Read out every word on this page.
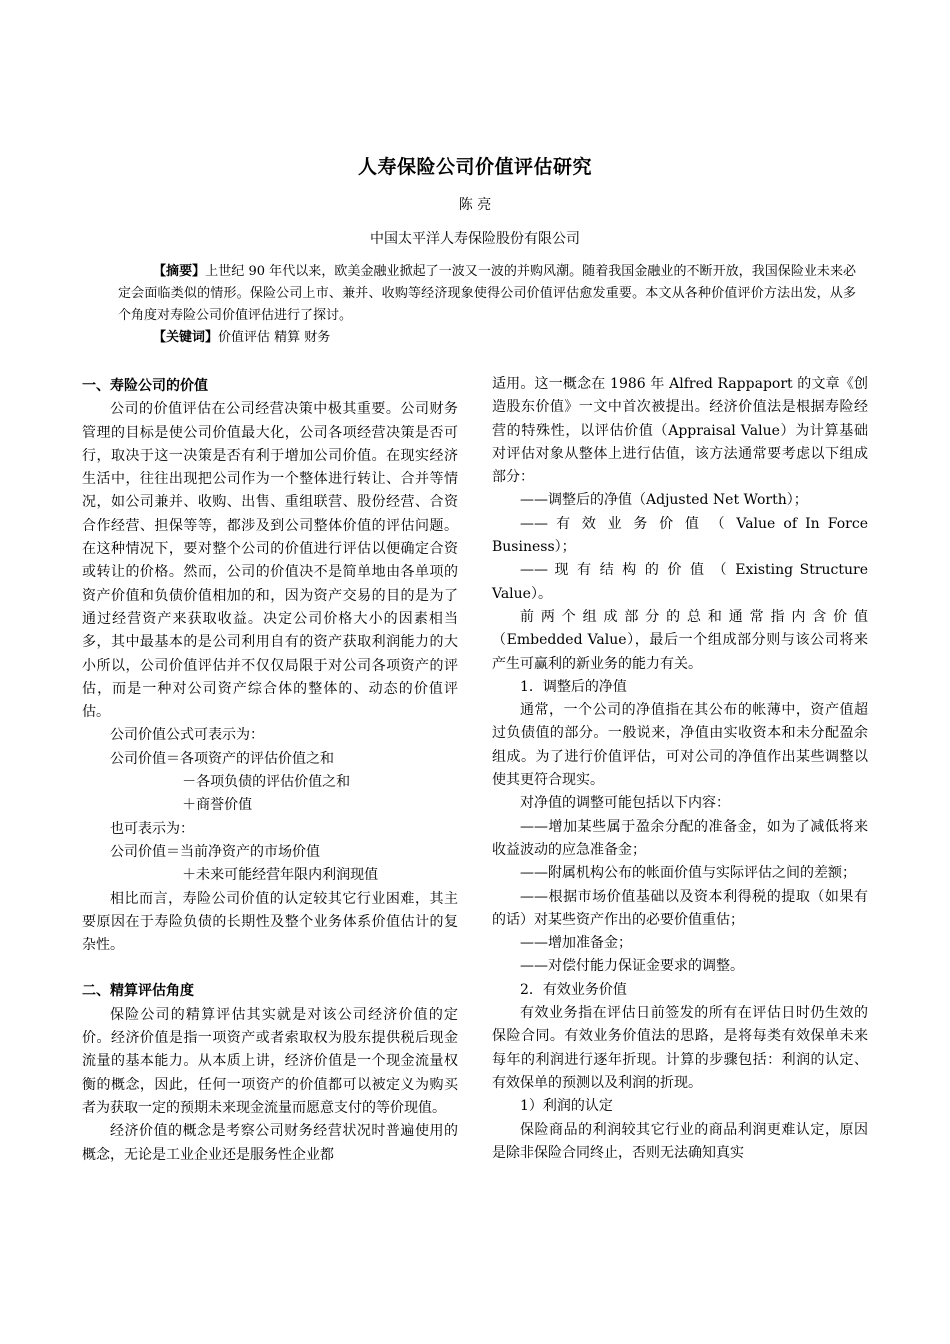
人寿保险公司价值评估研究
陈 亮
中国太平洋人寿保险股份有限公司

【摘要】上世纪 90 年代以来，欧美金融业掀起了一波又一波的并购风潮。随着我国金融业的不断开放，我国保险业未来必定会面临类似的情形。保险公司上市、兼并、收购等经济现象使得公司价值评估愈发重要。本文从各种价值评价方法出发，从多个角度对寿险公司价值评估进行了探讨。

【关键词】价值评估 精算 财务

一、寿险公司的价值

公司的价值评估在公司经营决策中极其重要。公司财务管理的目标是使公司价值最大化，公司各项经营决策是否可行，取决于这一决策是否有利于增加公司价值。在现实经济生活中，往往出现把公司作为一个整体进行转让、合并等情况，如公司兼并、收购、出售、重组联营、股份经营、合资合作经营、担保等等，都涉及到公司整体价值的评估问题。在这种情况下，要对整个公司的价值进行评估以便确定合资或转让的价格。然而，公司的价值决不是简单地由各单项的资产价值和负债价值相加的和，因为资产交易的目的是为了通过经营资产来获取收益。决定公司价格大小的因素相当多，其中最基本的是公司利用自有的资产获取利润能力的大小所以，公司价值评估并不仅仅局限于对公司各项资产的评估，而是一种对公司资产综合体的整体的、动态的价值评估。

公司价值公式可表示为：

公司价值＝各项资产的评估价值之和

－各项负债的评估价值之和

＋商誉价值

也可表示为：

公司价值＝当前净资产的市场价值

＋未来可能经营年限内利润现值

相比而言，寿险公司价值的认定较其它行业困难，其主要原因在于寿险负债的长期性及整个业务体系价值估计的复杂性。

二、精算评估角度

保险公司的精算评估其实就是对该公司经济价值的定价。经济价值是指一项资产或者索取权为股东提供税后现金流量的基本能力。从本质上讲，经济价值是一个现金流量权衡的概念，因此，任何一项资产的价值都可以被定义为购买者为获取一定的预期未来现金流量而愿意支付的等价现值。

经济价值的概念是考察公司财务经营状况时普遍使用的概念，无论是工业企业还是服务性企业都

适用。这一概念在 1986 年 Alfred Rappaport 的文章《创造股东价值》一文中首次被提出。经济价值法是根据寿险经营的特殊性，以评估价值（Appraisal Value）为计算基础对评估对象从整体上进行估值，该方法通常要考虑以下组成部分：

——调整后的净值（Adjusted Net Worth）；

—— 有 效 业 务 价 值 （ Value of In Force Business）；

—— 现 有 结 构 的 价 值 （ Existing Structure Value）。

前 两 个 组 成 部 分 的 总 和 通 常 指 内 含 价 值（Embedded Value），最后一个组成部分则与该公司将来产生可赢利的新业务的能力有关。

1．调整后的净值

通常，一个公司的净值指在其公布的帐薄中，资产值超过负债值的部分。一般说来，净值由实收资本和未分配盈余组成。为了进行价值评估，可对公司的净值作出某些调整以使其更符合现实。

对净值的调整可能包括以下内容：

——增加某些属于盈余分配的准备金，如为了减低将来收益波动的应急准备金；

——附属机构公布的帐面价值与实际评估之间的差额；

——根据市场价值基础以及资本利得税的提取（如果有的话）对某些资产作出的必要价值重估；

——增加准备金；

——对偿付能力保证金要求的调整。

2．有效业务价值

有效业务指在评估日前签发的所有在评估日时仍生效的保险合同。有效业务价值法的思路，是将每类有效保单未来每年的利润进行逐年折现。计算的步骤包括：利润的认定、有效保单的预测以及利润的折现。

1）利润的认定

保险商品的利润较其它行业的商品利润更难认定，原因是除非保险合同终止，否则无法确知真实
